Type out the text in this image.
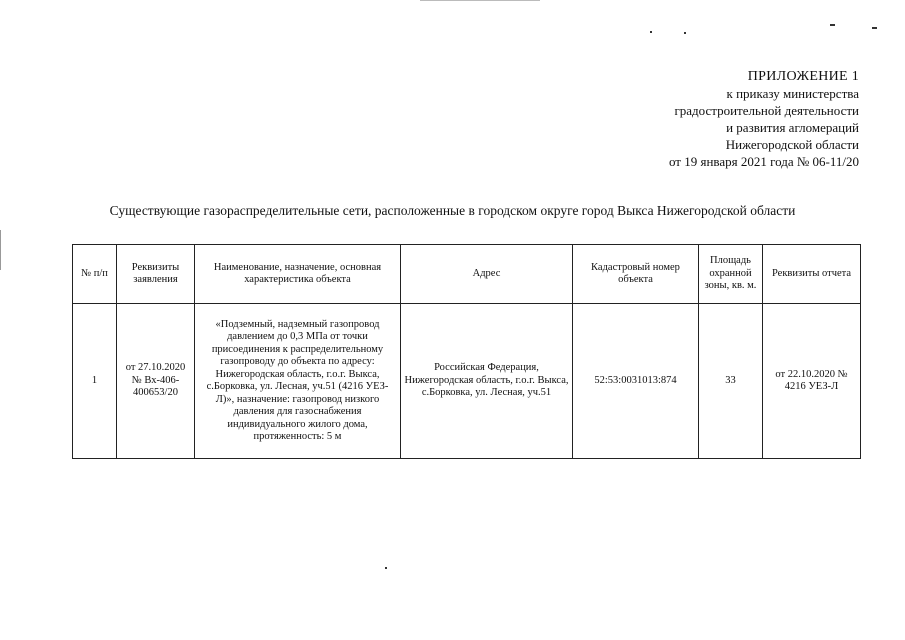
ПРИЛОЖЕНИЕ 1
к приказу министерства
градостроительной деятельности
и развития агломераций
Нижегородской области
от 19 января 2021 года № 06-11/20
Существующие газораспределительные сети, расположенные в городском округе город Выкса Нижегородской области
№ п/п	Реквизиты заявления	Наименование, назначение, основная характеристика объекта	Адрес	Кадастровый номер объекта	Площадь охранной зоны, кв. м.	Реквизиты отчета
1	от 27.10.2020 № Вх-406-400653/20	«Подземный, надземный газопровод давлением до 0,3 МПа от точки присоединения к распределительному газопроводу до объекта по адресу: Нижегородская область, г.о.г. Выкса, с.Борковка, ул. Лесная, уч.51 (4216 УЕЗ-Л)», назначение: газопровод низкого давления для газоснабжения индивидуального жилого дома, протяженность: 5 м	Российская Федерация, Нижегородская область, г.о.г. Выкса, с.Борковка, ул. Лесная, уч.51	52:53:0031013:874	33	от 22.10.2020 № 4216 УЕЗ-Л
